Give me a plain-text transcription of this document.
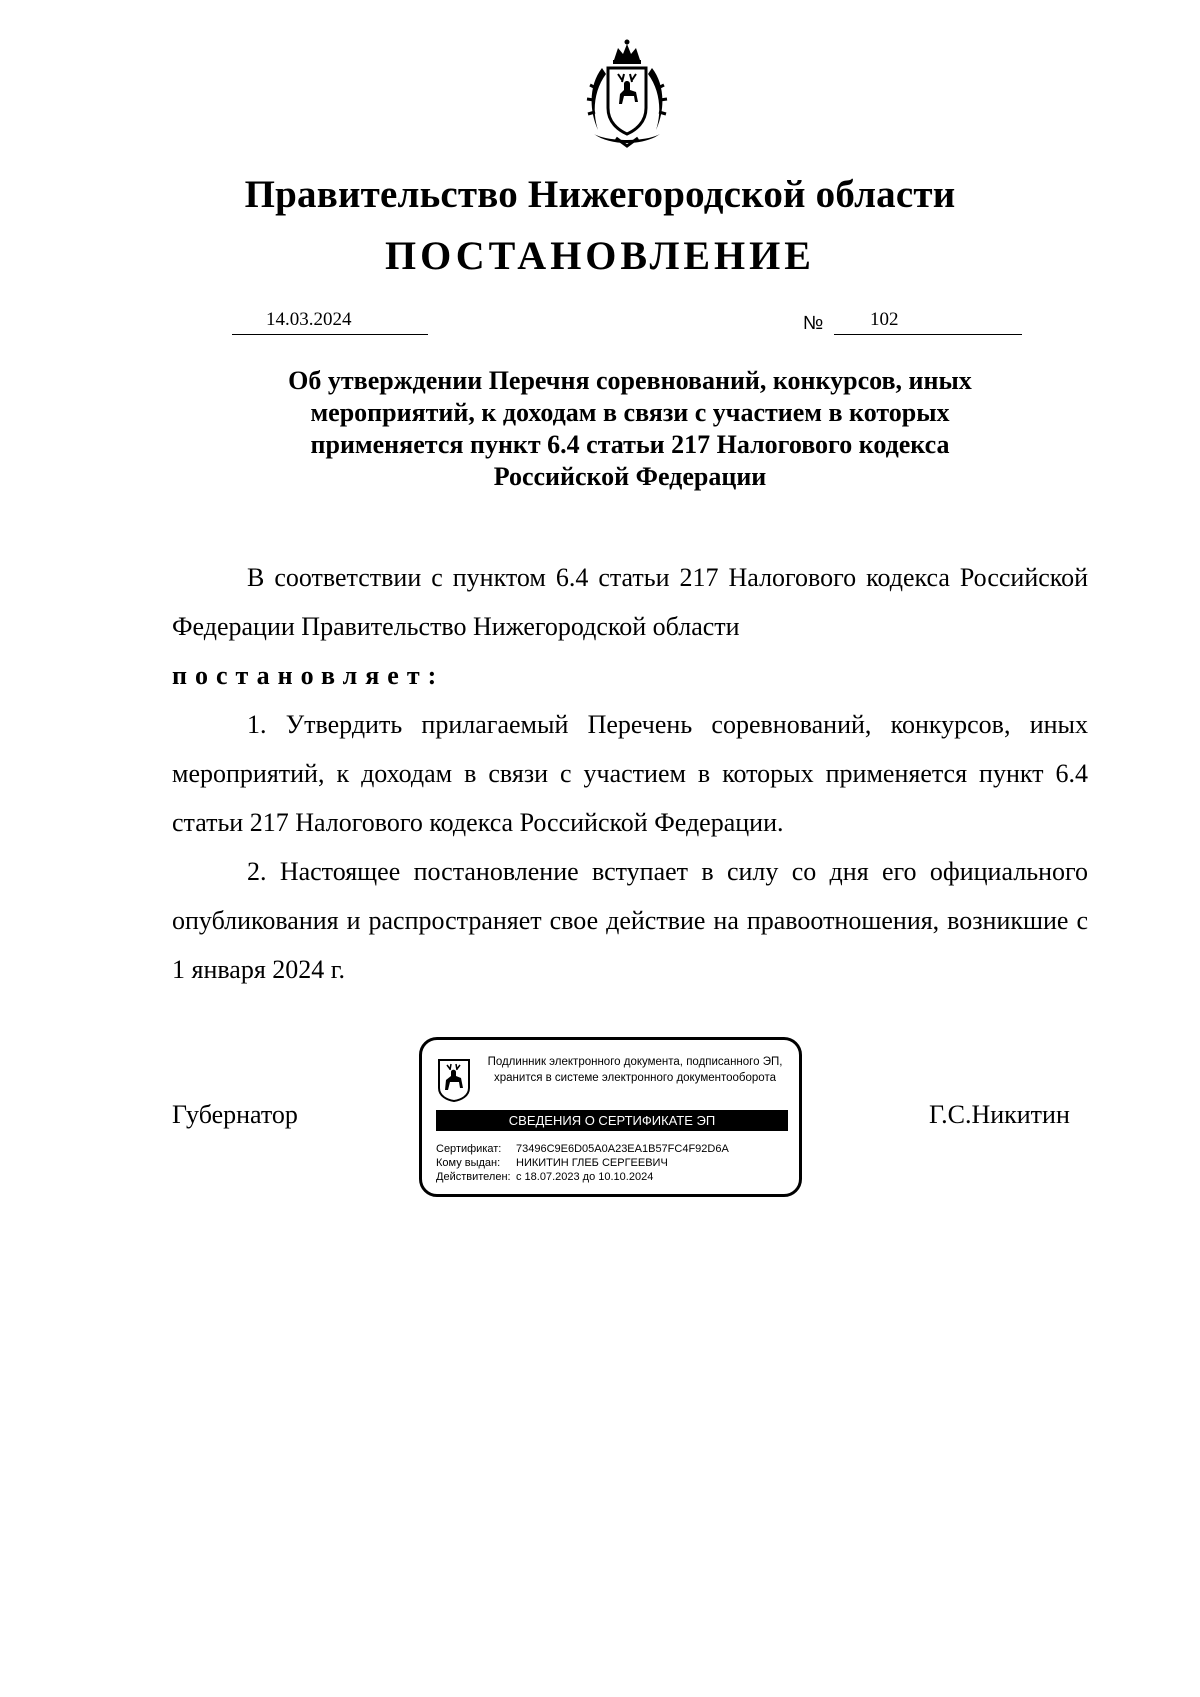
Правительство Нижегородской области
ПОСТАНОВЛЕНИЕ
14.03.2024	№ 102
Об утверждении Перечня соревнований, конкурсов, иных
мероприятий, к доходам в связи с участием в которых
применяется пункт 6.4 статьи 217 Налогового кодекса
Российской Федерации

В соответствии с пунктом 6.4 статьи 217 Налогового кодекса Российской Федерации Правительство Нижегородской области

постановляет:

1. Утвердить прилагаемый Перечень соревнований, конкурсов, иных мероприятий, к доходам в связи с участием в которых применяется пункт 6.4 статьи 217 Налогового кодекса Российской Федерации.

2. Настоящее постановление вступает в силу со дня его официального опубликования и распространяет свое действие на правоотношения, возникшие с 1 января 2024 г.

Губернатор	Г.С.Никитин
Подлинник электронного документа, подписанного ЭП,
хранится в системе электронного документооборота
СВЕДЕНИЯ О СЕРТИФИКАТЕ ЭП
Сертификат: 73496C9E6D05A0A23EA1B57FC4F92D6A
Кому выдан: НИКИТИН ГЛЕБ СЕРГЕЕВИЧ
Действителен: с 18.07.2023 до 10.10.2024
